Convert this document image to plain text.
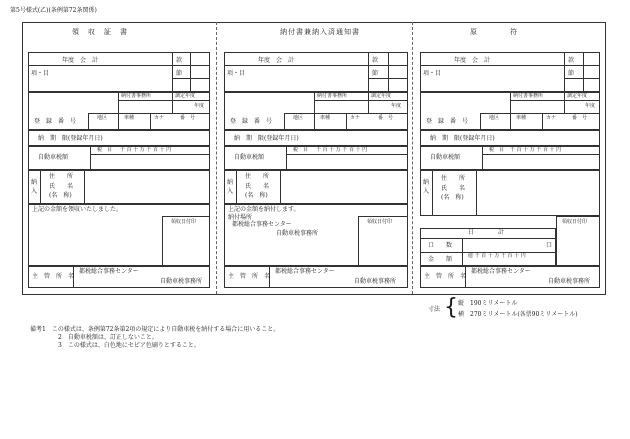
第5号様式(乙)(条例第72条関係)
領　収　証　書
年度　会　計	款
項・目	節
納付書事務所	調定年度
年度
登　録　番　号	地区	車種	カナ	番　号
納　期　限(登録年月日)
税　目
自動車税額
千 百 十 万 千 百 十 円
納
入
住　　所
氏　　名
(名　称)
上記の金額を領収いたしました。
領収日付印
主　管　所　名
都税総合事務センター
自動車税事務所
納付書兼納入済通知書
年度　会　計	款
項・目	節
納付書事務所	調定年度
年度
登　録　番　号	地区	車種	カナ	番　号
納　期　限(登録年月日)
税　目
自動車税額
千 百 十 万 千 百 十 円
納
入
住　　所
氏　　名
(名　称)
上記の金額を納付します。
納付場所
都税総合事務センター
自動車税事務所
領収日付印
主　管　所　名
都税総合事務センター
自動車税事務所
原　　　　符
年度　会　計	款
項・目	節
納付書事務所	調定年度
年度
登　録　番　号	地区	車種	カナ	番　号
納　期　限(登録年月日)
税　目
自動車税額
千 百 十 万 千 百 十 円
納
入
住　　所
氏　　名
(名　称)
領収日付印
日　　　　計
口　　数	口
金　　額	億 千 百 十 万 千 百 十 円
主　管　所　名
都税総合事務センター
自動車税事務所
寸法 { 縦　190ミリメートル
横　270ミリメートル(各票90ミリメートル)
備考1　この様式は、条例第72条第2項の規定により自動車税を納付する場合に用いること。
2　自動車税額は、訂正しないこと。
3　この様式は、白色地にセピア色刷りとすること。
